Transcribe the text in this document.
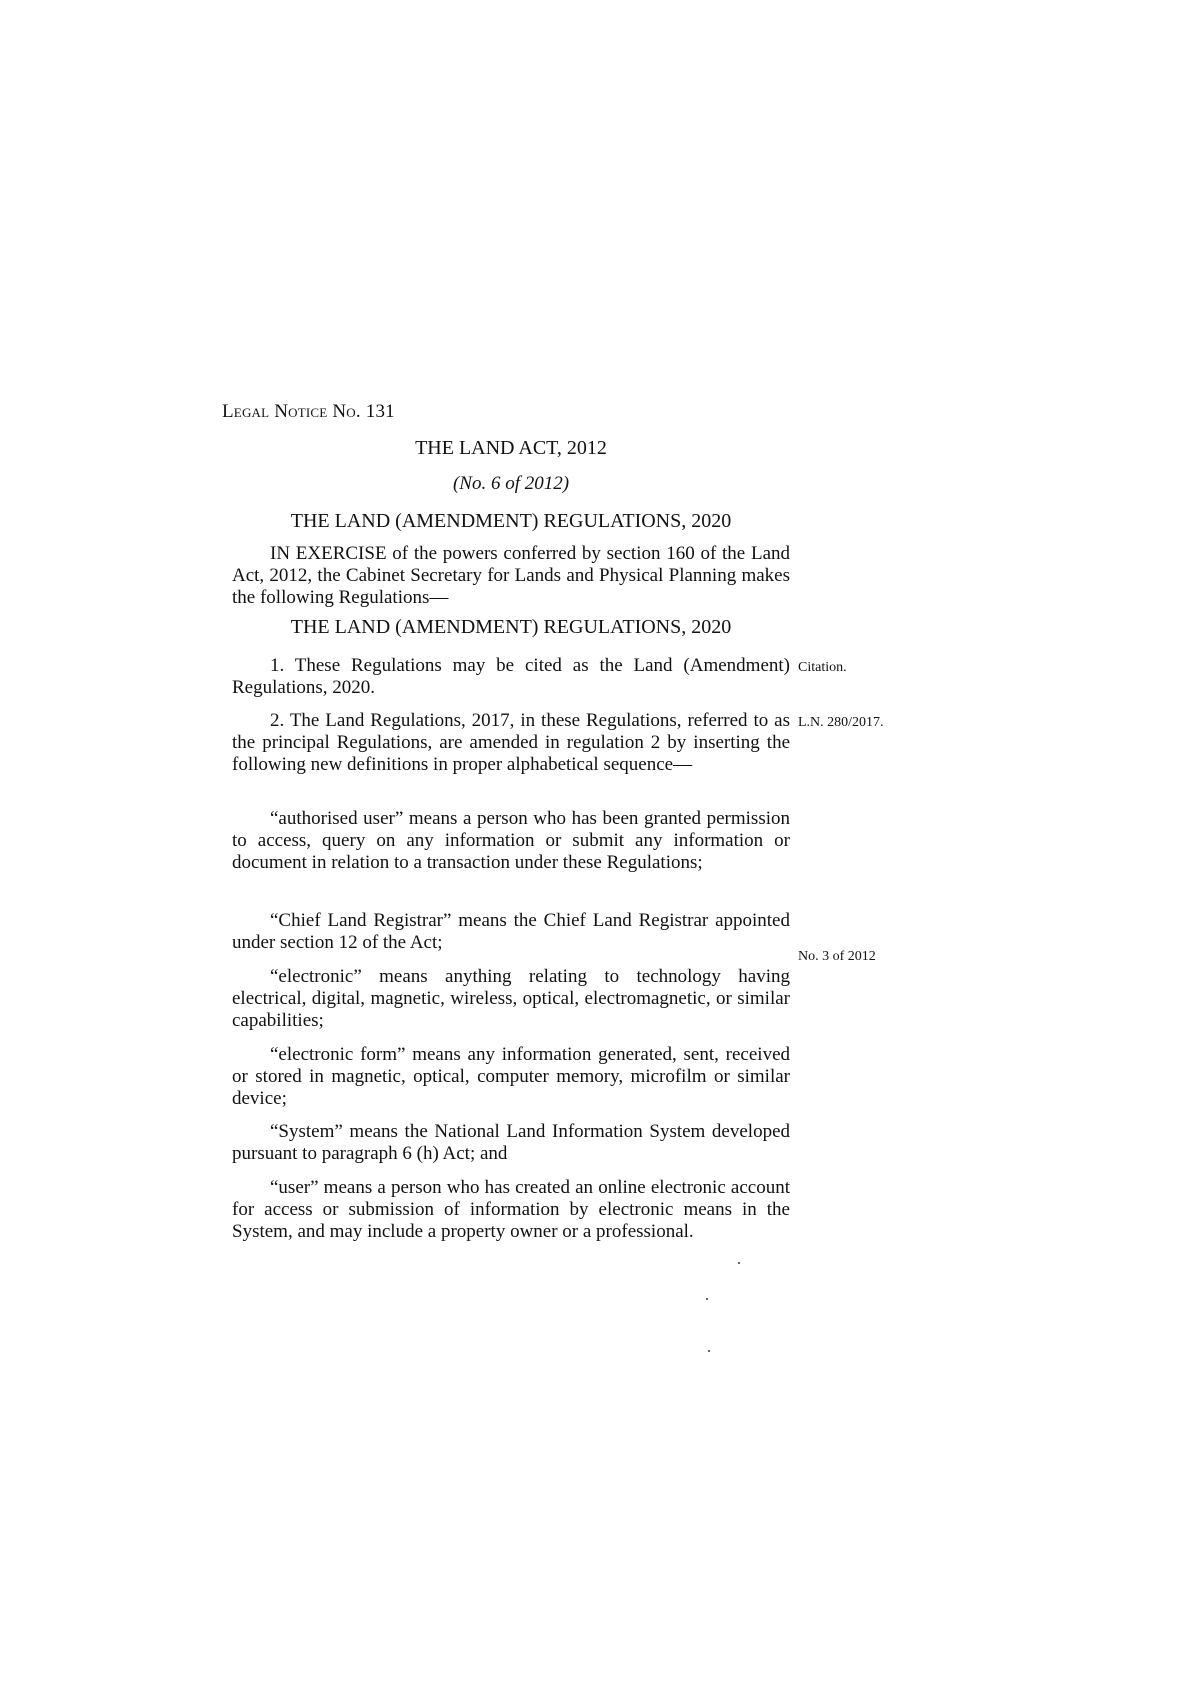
Legal Notice No. 131
THE LAND ACT, 2012
(No. 6 of 2012)
THE LAND (AMENDMENT) REGULATIONS, 2020
IN EXERCISE of the powers conferred by section 160 of the Land Act, 2012, the Cabinet Secretary for Lands and Physical Planning makes the following Regulations—
THE LAND (AMENDMENT) REGULATIONS, 2020
1. These Regulations may be cited as the Land (Amendment) Regulations, 2020.
2. The Land Regulations, 2017, in these Regulations, referred to as the principal Regulations, are amended in regulation 2 by inserting the following new definitions in proper alphabetical sequence—
“authorised user” means a person who has been granted permission to access, query on any information or submit any information or document in relation to a transaction under these Regulations;
“Chief Land Registrar” means the Chief Land Registrar appointed under section 12 of the Act;
“electronic” means anything relating to technology having electrical, digital, magnetic, wireless, optical, electromagnetic, or similar capabilities;
“electronic form” means any information generated, sent, received or stored in magnetic, optical, computer memory, microfilm or similar device;
“System” means the National Land Information System developed pursuant to paragraph 6 (h) Act; and
“user” means a person who has created an online electronic account for access or submission of information by electronic means in the System, and may include a property owner or a professional.
Citation.
L.N. 280/2017.
No. 3 of 2012
